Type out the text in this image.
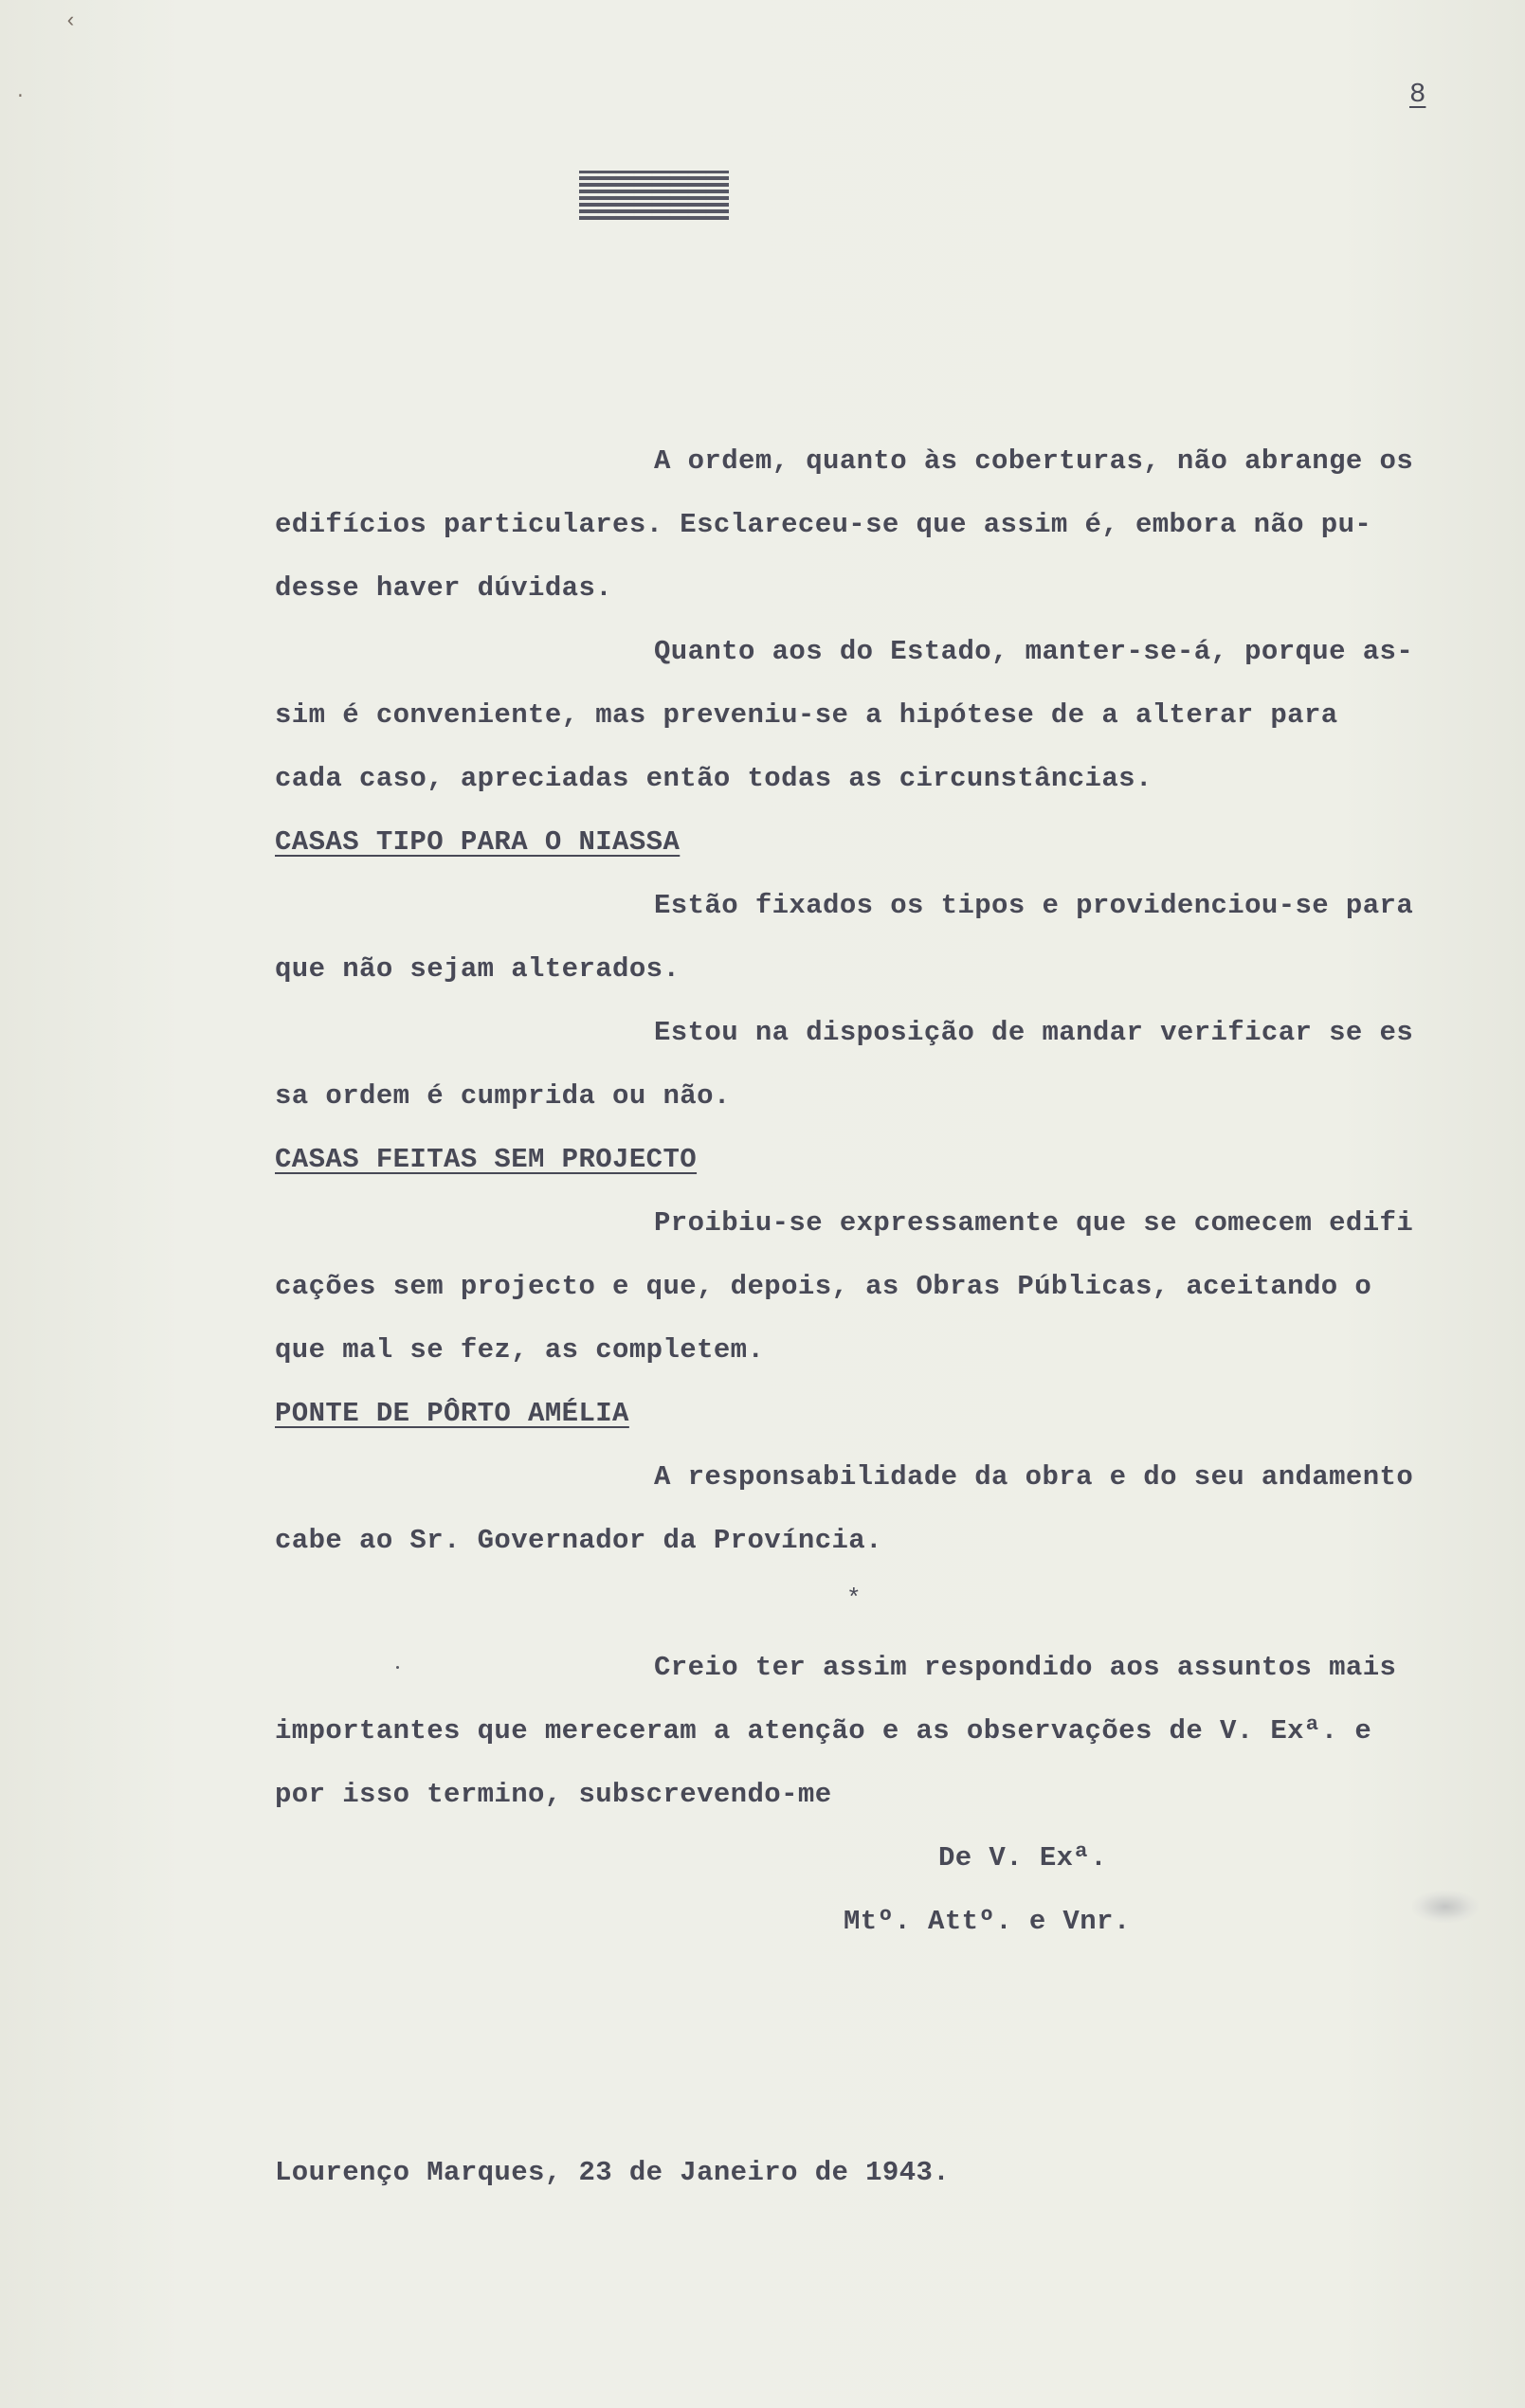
‹
·	8
A ordem, quanto às coberturas, não abrange os
edifícios particulares. Esclareceu-se que assim é, embora não pu-
desse haver dúvidas.
Quanto aos do Estado, manter-se-á, porque as-
sim é conveniente, mas preveniu-se a hipótese de a alterar para
cada caso, apreciadas então todas as circunstâncias.
CASAS TIPO PARA O NIASSA
Estão fixados os tipos e providenciou-se para
que não sejam alterados.
Estou na disposição de mandar verificar se es
sa ordem é cumprida ou não.
CASAS FEITAS SEM PROJECTO
Proibiu-se expressamente que se comecem edifi
cações sem projecto e que, depois, as Obras Públicas, aceitando o
que mal se fez, as completem.
PONTE DE PÔRTO AMÉLIA
A responsabilidade da obra e do seu andamento
cabe ao Sr. Governador da Província.
*
Creio ter assim respondido aos assuntos mais
importantes que mereceram a atenção e as observações de V. Exª. e
por isso termino, subscrevendo-me
De V. Exª.
Mtº. Attº. e Vnr.
Lourenço Marques, 23 de Janeiro de 1943.
